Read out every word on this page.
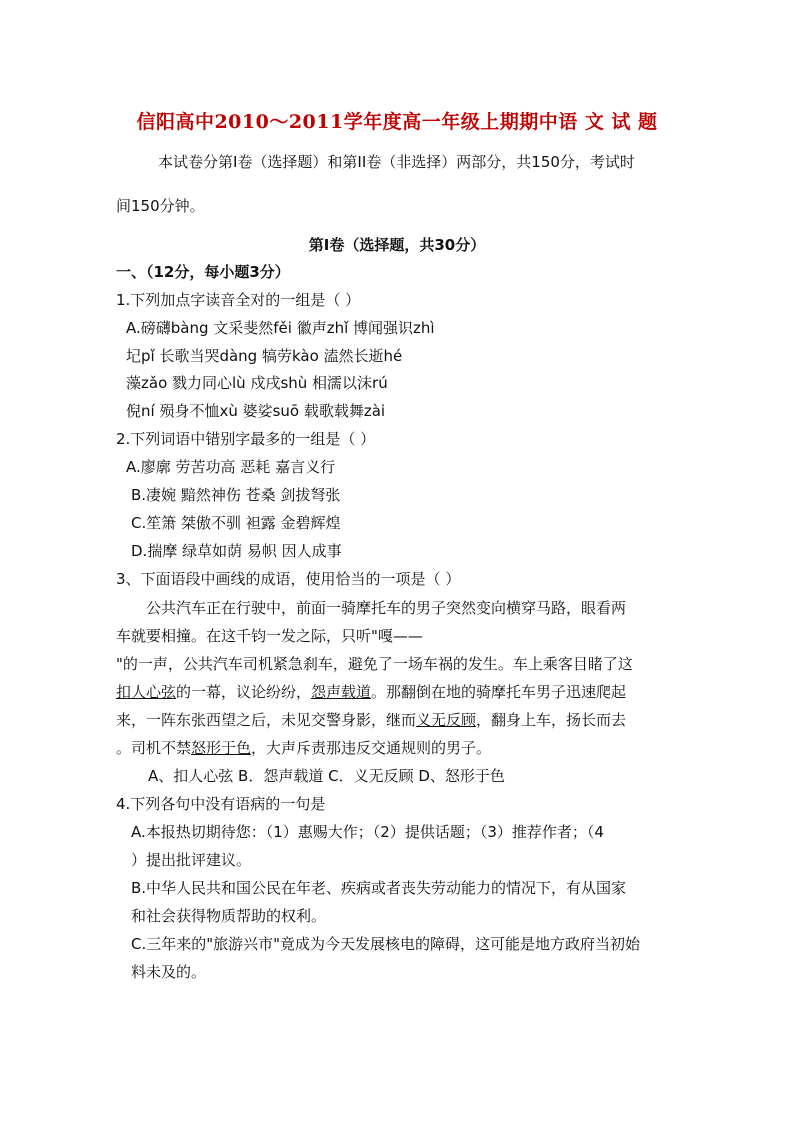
信阳高中2010～2011学年度高一年级上期期中语 文 试 题
本试卷分第I卷（选择题）和第II卷（非选择）两部分，共150分，考试时
间150分钟。
第I卷（选择题，共30分）
一、（12分，每小题3分）
1.下列加点字读音全对的一组是（ ）
A.磅礴bàng 文采斐然fěi 徽声zhǐ 博闻强识zhì
圮pǐ 长歌当哭dàng 犒劳kào 溘然长逝hé
藻zǎo 戮力同心lù 戍戌shù 相濡以沫rú
倪ní 殒身不恤xù 婆娑suō 载歌载舞zài
2.下列词语中错别字最多的一组是（ ）
A.廖廓 劳苦功高 恶耗 嘉言义行
B.凄婉 黯然神伤 苍桑 剑拔弩张
C.笙箫 桀傲不驯 袒露 金碧辉煌
D.揣摩 绿草如荫 易帜 因人成事
3、下面语段中画线的成语，使用恰当的一项是（ ）
公共汽车正在行驶中，前面一骑摩托车的男子突然变向横穿马路，眼看两
车就要相撞。在这千钧一发之际，只听"嘎——
"的一声，公共汽车司机紧急刹车，避免了一场车祸的发生。车上乘客目睹了这
扣人心弦的一幕，议论纷纷，怨声载道。那翻倒在地的骑摩托车男子迅速爬起
来，一阵东张西望之后，未见交警身影，继而义无反顾，翻身上车，扬长而去
。司机不禁怒形于色，大声斥责那违反交通规则的男子。
A、扣人心弦 B．怨声载道 C．义无反顾 D、怒形于色
4.下列各句中没有语病的一句是
A.本报热切期待您：（1）惠赐大作；（2）提供话题；（3）推荐作者；（4
）提出批评建议。
B.中华人民共和国公民在年老、疾病或者丧失劳动能力的情况下，有从国家
和社会获得物质帮助的权利。
C.三年来的"旅游兴市"竟成为今天发展核电的障碍，这可能是地方政府当初始
料未及的。
